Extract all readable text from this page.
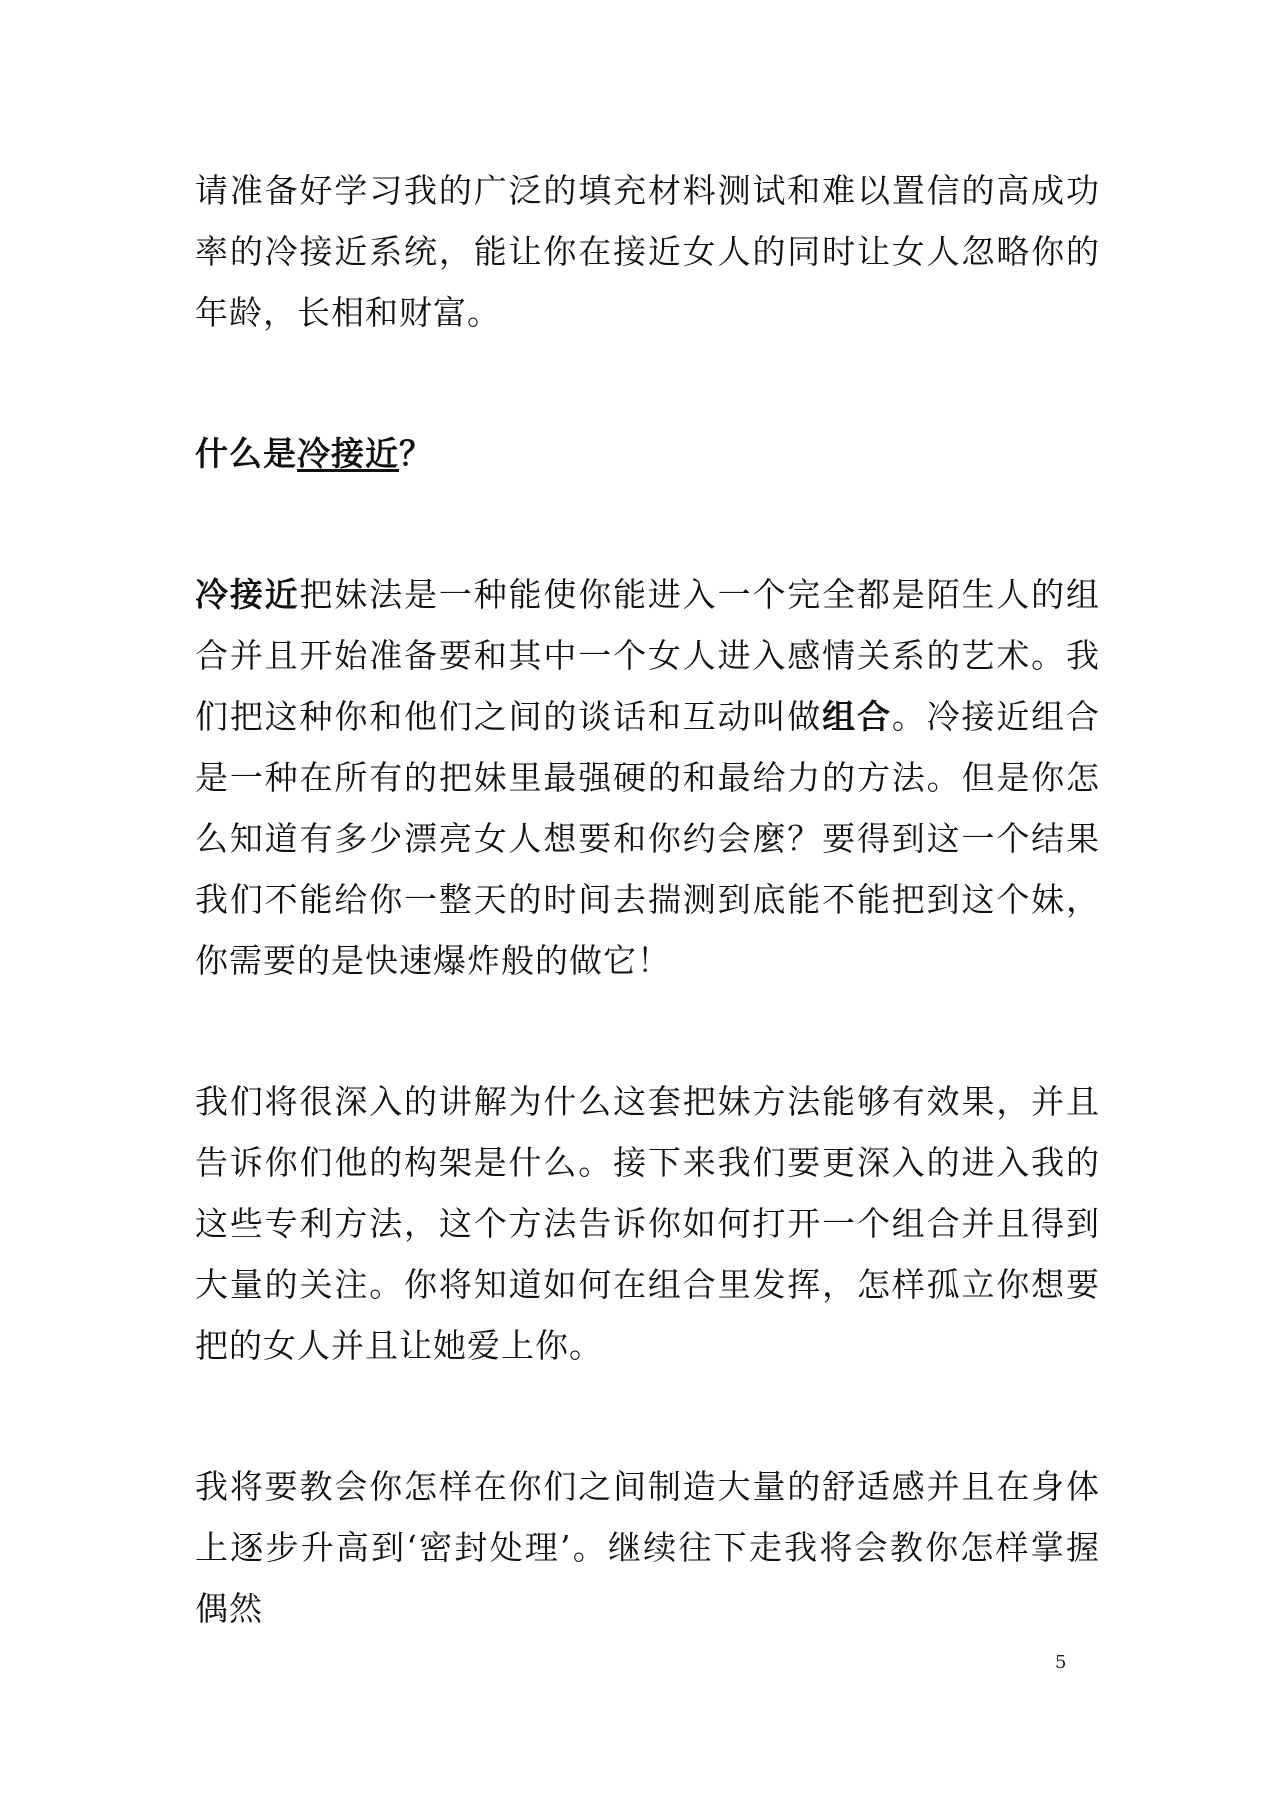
请准备好学习我的广泛的填充材料测试和难以置信的高成功率的冷接近系统，能让你在接近女人的同时让女人忽略你的年龄，长相和财富。

什么是冷接近？

冷接近把妹法是一种能使你能进入一个完全都是陌生人的组合并且开始准备要和其中一个女人进入感情关系的艺术。我们把这种你和他们之间的谈话和互动叫做组合。冷接近组合是一种在所有的把妹里最强硬的和最给力的方法。但是你怎么知道有多少漂亮女人想要和你约会麼？要得到这一个结果我们不能给你一整天的时间去揣测到底能不能把到这个妹，你需要的是快速爆炸般的做它！

我们将很深入的讲解为什么这套把妹方法能够有效果，并且告诉你们他的构架是什么。接下来我们要更深入的进入我的这些专利方法，这个方法告诉你如何打开一个组合并且得到大量的关注。你将知道如何在组合里发挥，怎样孤立你想要把的女人并且让她爱上你。

我将要教会你怎样在你们之间制造大量的舒适感并且在身体上逐步升高到‘密封处理’。继续往下走我将会教你怎样掌握偶然

5
